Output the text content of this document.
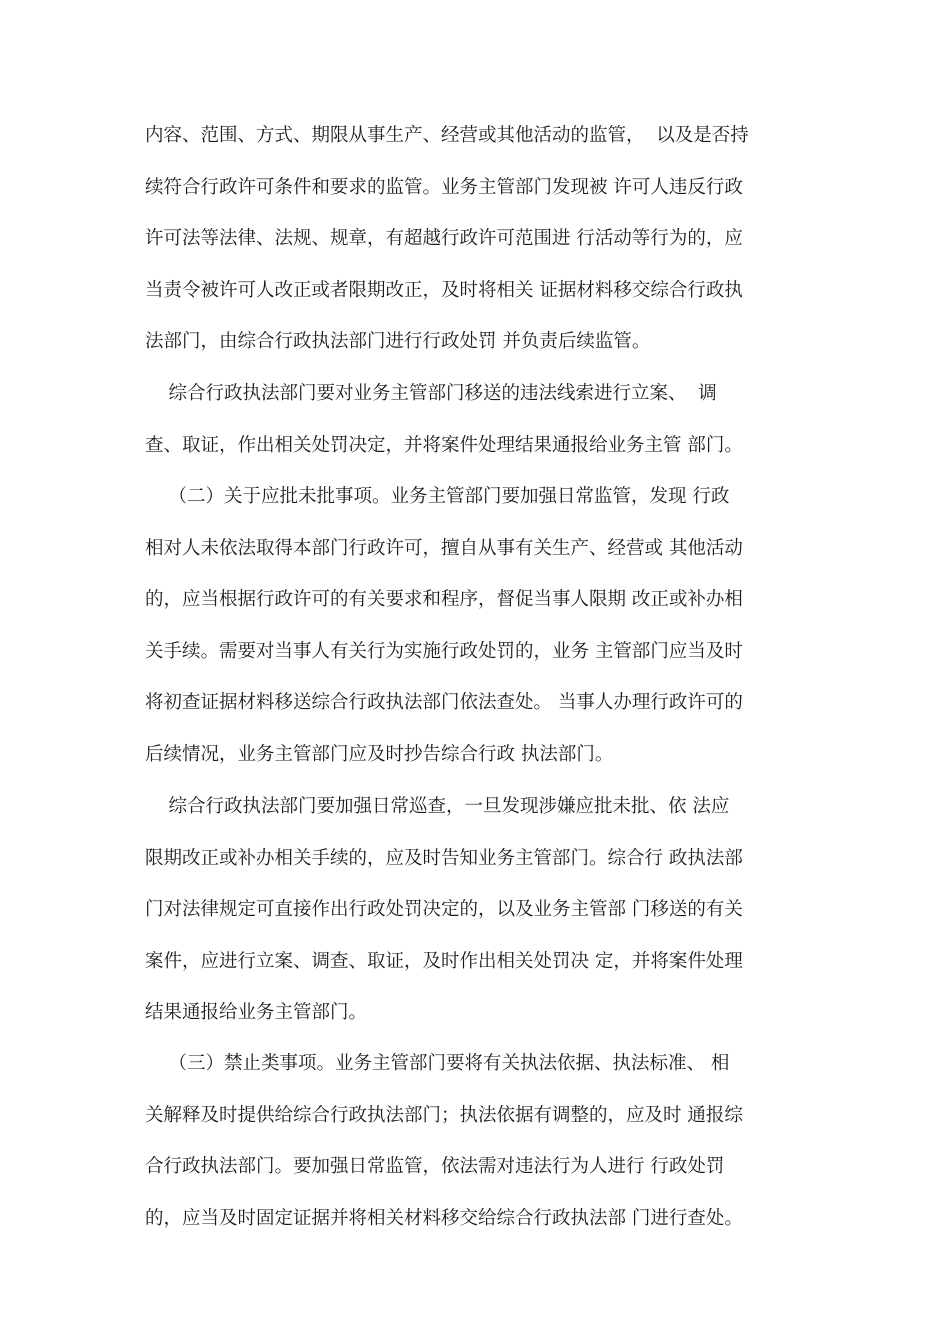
内容、范围、方式、期限从事生产、经营或其他活动的监管，  以及是否持
续符合行政许可条件和要求的监管。业务主管部门发现被 许可人违反行政
许可法等法律、法规、规章，有超越行政许可范围进 行活动等行为的，应
当责令被许可人改正或者限期改正，及时将相关 证据材料移交综合行政执
法部门，由综合行政执法部门进行行政处罚 并负责后续监管。
综合行政执法部门要对业务主管部门移送的违法线索进行立案、  调
查、取证，作出相关处罚决定，并将案件处理结果通报给业务主管 部门。
（二）关于应批未批事项。业务主管部门要加强日常监管，发现 行政
相对人未依法取得本部门行政许可，擅自从事有关生产、经营或 其他活动
的，应当根据行政许可的有关要求和程序，督促当事人限期 改正或补办相
关手续。需要对当事人有关行为实施行政处罚的，业务 主管部门应当及时
将初查证据材料移送综合行政执法部门依法查处。 当事人办理行政许可的
后续情况，业务主管部门应及时抄告综合行政 执法部门。
综合行政执法部门要加强日常巡查，一旦发现涉嫌应批未批、依 法应
限期改正或补办相关手续的，应及时告知业务主管部门。综合行 政执法部
门对法律规定可直接作出行政处罚决定的，以及业务主管部 门移送的有关
案件，应进行立案、调查、取证，及时作出相关处罚决 定，并将案件处理
结果通报给业务主管部门。
（三）禁止类事项。业务主管部门要将有关执法依据、执法标准、 相
关解释及时提供给综合行政执法部门；执法依据有调整的，应及时 通报综
合行政执法部门。要加强日常监管，依法需对违法行为人进行 行政处罚
的，应当及时固定证据并将相关材料移交给综合行政执法部 门进行查处。
